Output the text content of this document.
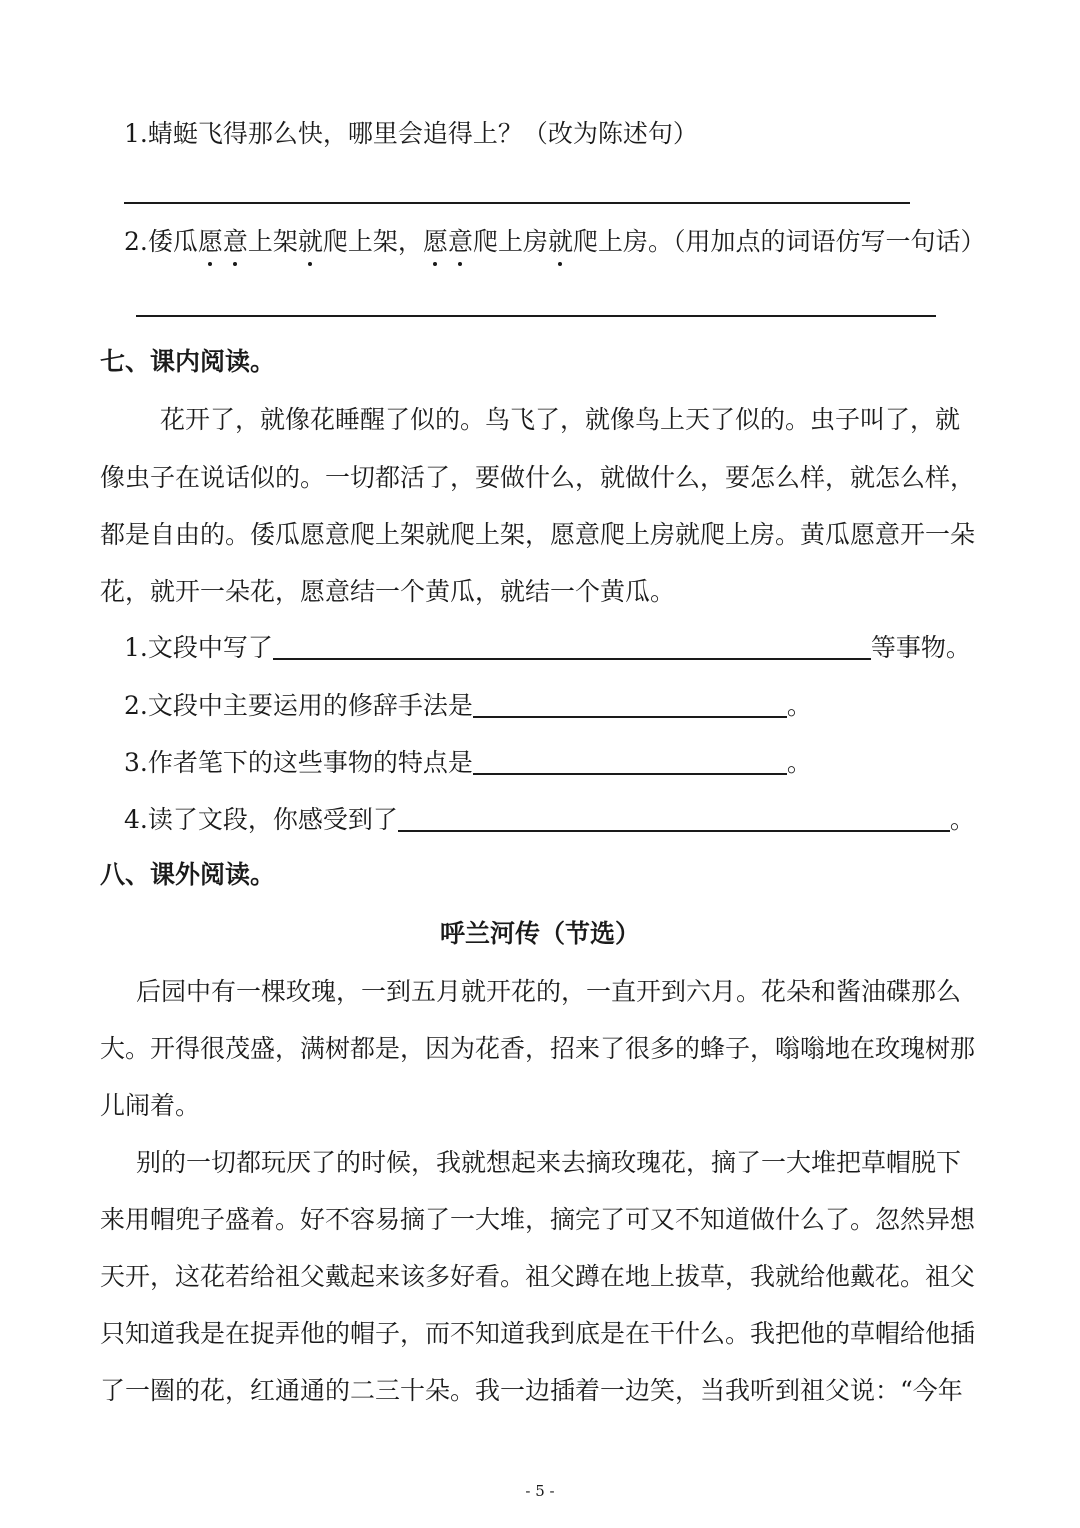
1.蜻蜓飞得那么快，哪里会追得上？（改为陈述句）
2.倭瓜愿意上架就爬上架，愿意爬上房就爬上房。（用加点的词语仿写一句话）
七、课内阅读。
花开了，就像花睡醒了似的。鸟飞了，就像鸟上天了似的。虫子叫了，就
像虫子在说话似的。一切都活了，要做什么，就做什么，要怎么样，就怎么样，
都是自由的。倭瓜愿意爬上架就爬上架，愿意爬上房就爬上房。黄瓜愿意开一朵
花，就开一朵花，愿意结一个黄瓜，就结一个黄瓜。
1.文段中写了	等事物。
2.文段中主要运用的修辞手法是	。
3.作者笔下的这些事物的特点是	。
4.读了文段，你感受到了	。
八、课外阅读。
呼兰河传（节选）
后园中有一棵玫瑰，一到五月就开花的，一直开到六月。花朵和酱油碟那么
大。开得很茂盛，满树都是，因为花香，招来了很多的蜂子，嗡嗡地在玫瑰树那
儿闹着。
别的一切都玩厌了的时候，我就想起来去摘玫瑰花，摘了一大堆把草帽脱下
来用帽兜子盛着。好不容易摘了一大堆，摘完了可又不知道做什么了。忽然异想
天开，这花若给祖父戴起来该多好看。祖父蹲在地上拔草，我就给他戴花。祖父
只知道我是在捉弄他的帽子，而不知道我到底是在干什么。我把他的草帽给他插
了一圈的花，红通通的二三十朵。我一边插着一边笑，当我听到祖父说：“今年
- 5 -
